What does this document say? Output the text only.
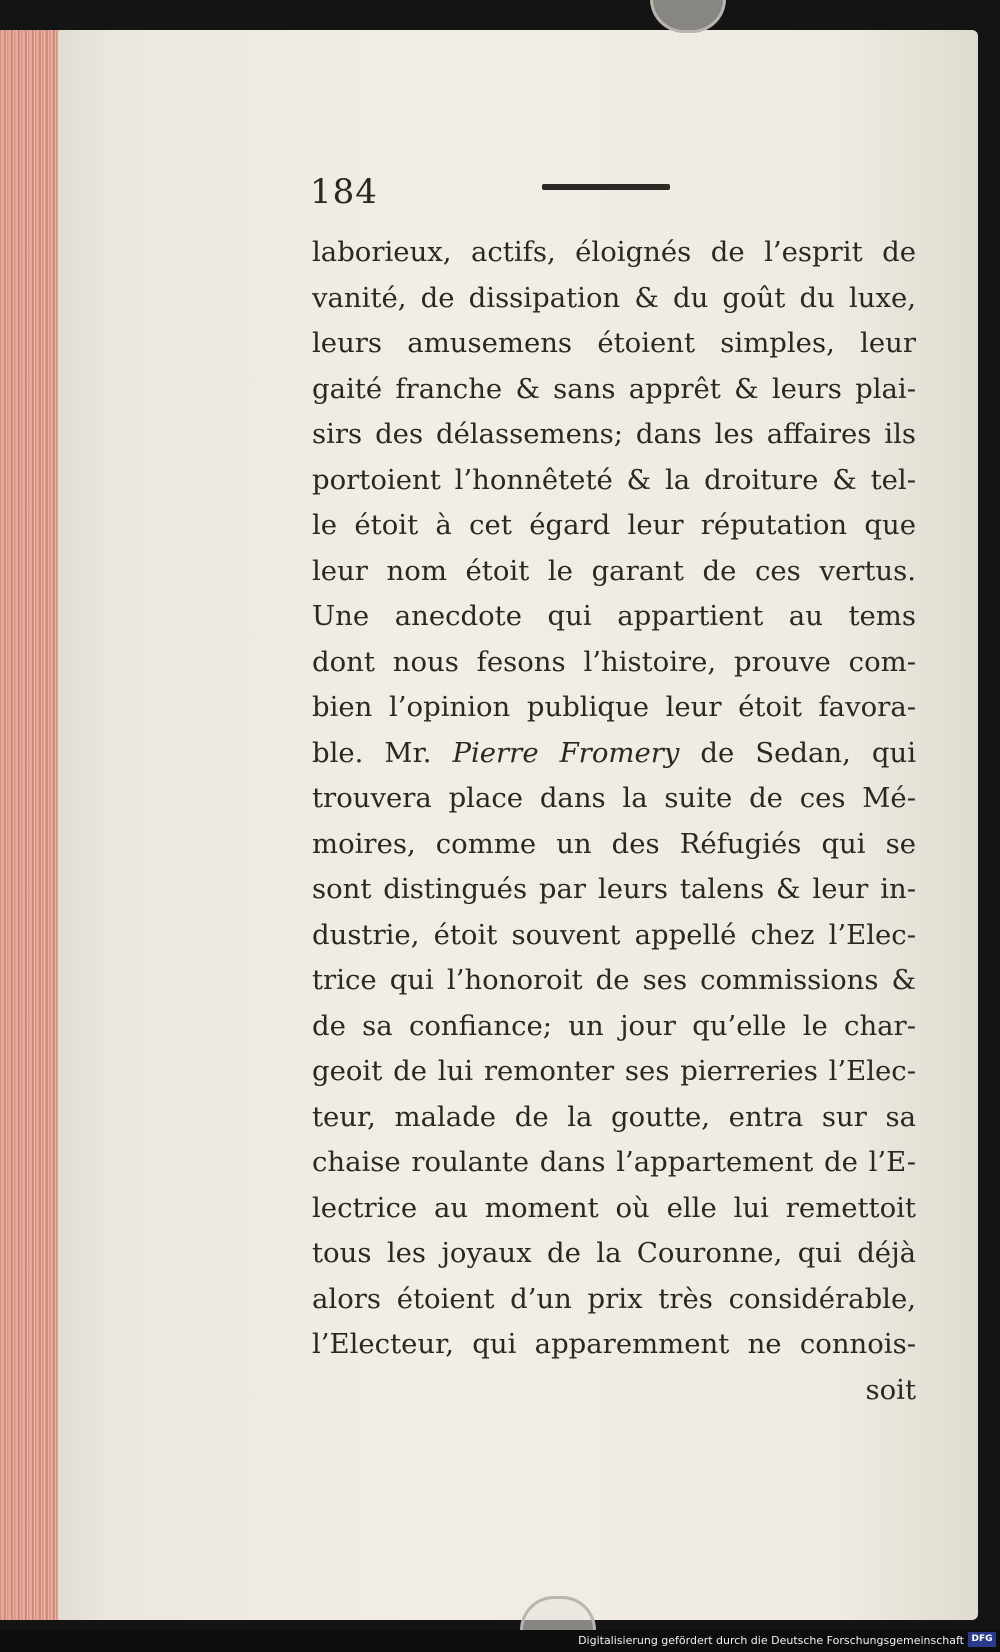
184
laborieux, actifs, éloignés de l’esprit de
vanité, de dissipation & du goût du luxe,
leurs amusemens étoient simples, leur
gaité franche & sans apprêt & leurs plai-
sirs des délassemens; dans les affaires ils
portoient l’honnêteté & la droiture & tel-
le étoit à cet égard leur réputation que
leur nom étoit le garant de ces vertus.
Une anecdote qui appartient au tems
dont nous fesons l’histoire, prouve com-
bien l’opinion publique leur étoit favora-
ble. Mr. Pierre Fromery de Sedan, qui
trouvera place dans la suite de ces Mé-
moires, comme un des Réfugiés qui se
sont distingués par leurs talens & leur in-
dustrie, étoit souvent appellé chez l’Elec-
trice qui l’honoroit de ses commissions &
de sa confiance; un jour qu’elle le char-
geoit de lui remonter ses pierreries l’Elec-
teur, malade de la goutte, entra sur sa
chaise roulante dans l’appartement de l’E-
lectrice au moment où elle lui remettoit
tous les joyaux de la Couronne, qui déjà
alors étoient d’un prix très considérable,
l’Electeur, qui apparemment ne connois-
soit
Digitalisierung gefördert durch die Deutsche Forschungsgemeinschaft DFG
